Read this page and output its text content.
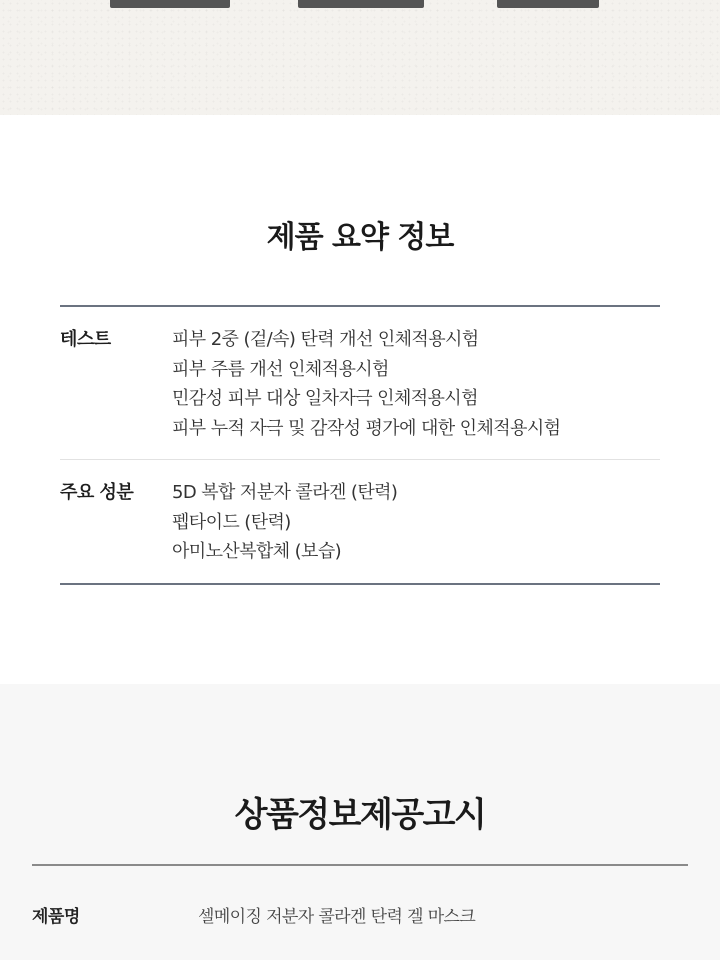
제품 요약 정보
테스트	피부 2중 (겉/속) 탄력 개선 인체적용시험
피부 주름 개선 인체적용시험
민감성 피부 대상 일차자극 인체적용시험
피부 누적 자극 및 감작성 평가에 대한 인체적용시험
주요 성분	5D 복합 저분자 콜라겐 (탄력)
펩타이드 (탄력)
아미노산복합체 (보습)
상품정보제공고시
제품명	셀메이징 저분자 콜라겐 탄력 겔 마스크
